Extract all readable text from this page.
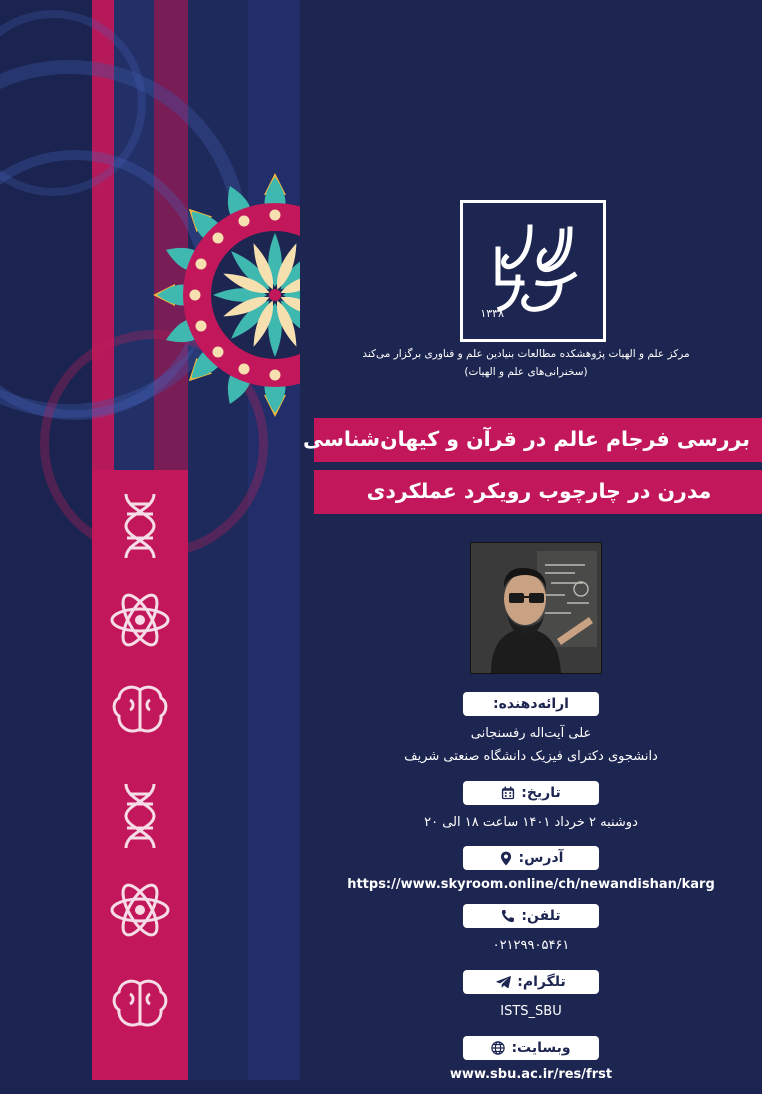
۱۳۳۸
مرکز علم و الهیات پژوهشکده مطالعات بنیادین علم و فناوری برگزار می‌کند
(سخنرانی‌های علم و الهیات)
بررسی فرجام عالم در قرآن و کیهان‌شناسی
مدرن در چارچوب رویکرد عملکردی
ارائه‌دهنده:
علی آیت‌اله رفسنجانی
دانشجوی دکترای فیزیک دانشگاه صنعتی شریف
تاریخ:
دوشنبه ۲ خرداد ۱۴۰۱ ساعت ۱۸ الی ۲۰
آدرس:
https://www.skyroom.online/ch/newandishan/karg
تلفن:
۰۲۱۲۹۹۰۵۴۶۱
تلگرام:
ISTS_SBU
وبسایت:
www.sbu.ac.ir/res/frst
